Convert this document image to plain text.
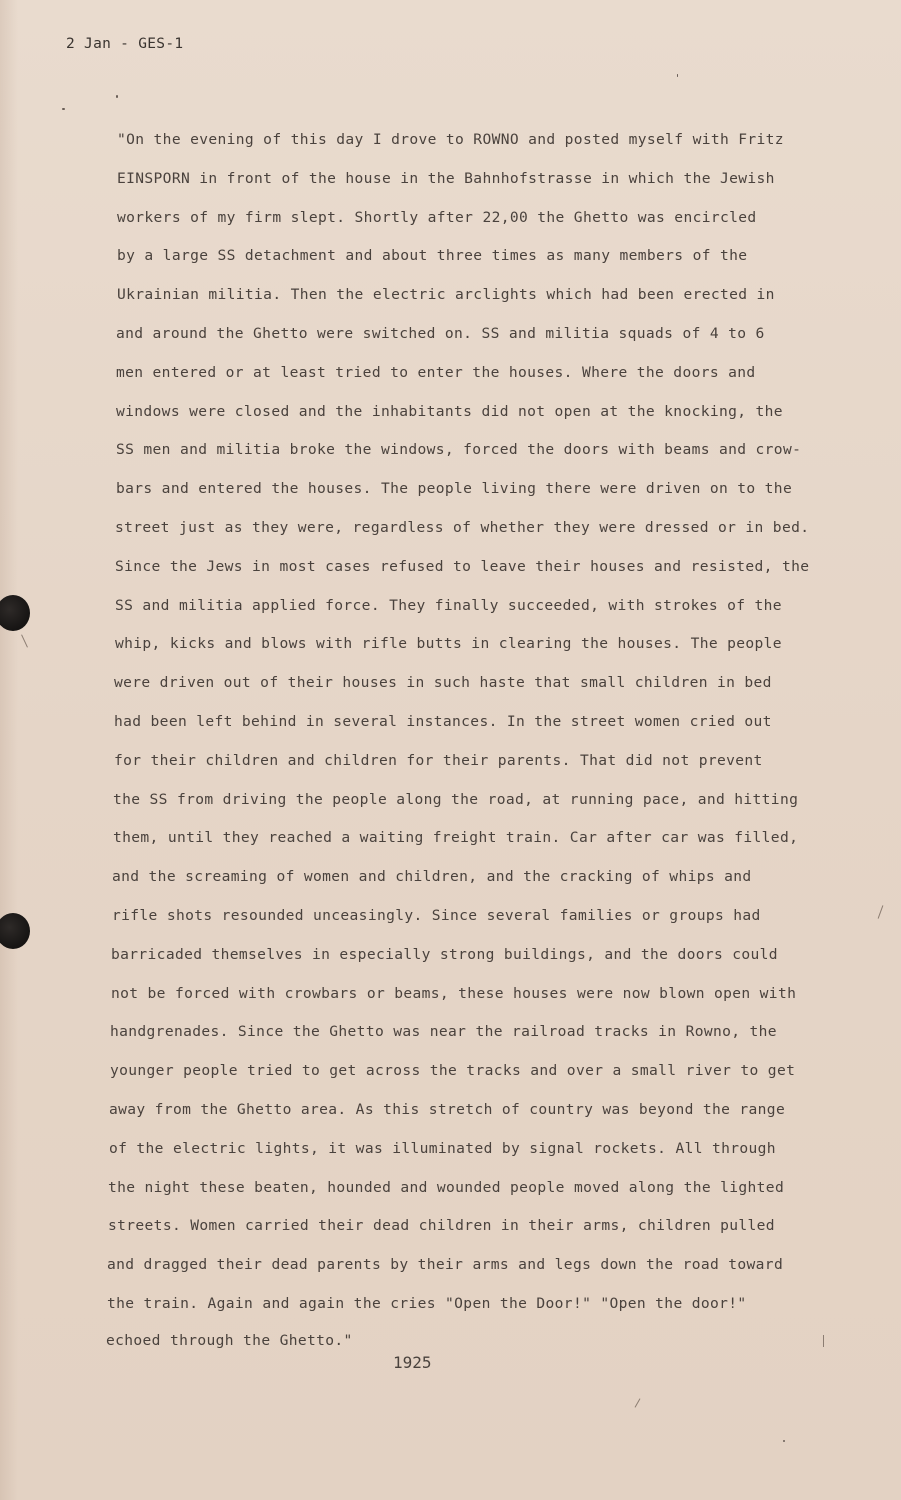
2 Jan - GES-1
"On the evening of this day I drove to ROWNO and posted myself with Fritz
EINSPORN in front of the house in the Bahnhofstrasse in which the Jewish
workers of my firm slept. Shortly after 22,00 the Ghetto was encircled
by a large SS detachment and about three times as many members of the
Ukrainian militia. Then the electric arclights which had been erected in
and around the Ghetto were switched on. SS and militia squads of 4 to 6
men entered or at least tried to enter the houses. Where the doors and
windows were closed and the inhabitants did not open at the knocking, the
SS men and militia broke the windows, forced the doors with beams and crow-
bars and entered the houses. The people living there were driven on to the
street just as they were, regardless of whether they were dressed or in bed.
Since the Jews in most cases refused to leave their houses and resisted, the
SS and militia applied force. They finally succeeded, with strokes of the
whip, kicks and blows with rifle butts in clearing the houses. The people
were driven out of their houses in such haste that small children in bed
had been left behind in several instances. In the street women cried out
for their children and children for their parents. That did not prevent
the SS from driving the people along the road, at running pace, and hitting
them, until they reached a waiting freight train. Car after car was filled,
and the screaming of women and children, and the cracking of whips and
rifle shots resounded unceasingly. Since several families or groups had
barricaded themselves in especially strong buildings, and the doors could
not be forced with crowbars or beams, these houses were now blown open with
handgrenades. Since the Ghetto was near the railroad tracks in Rowno, the
younger people tried to get across the tracks and over a small river to get
away from the Ghetto area. As this stretch of country was beyond the range
of the electric lights, it was illuminated by signal rockets. All through
the night these beaten, hounded and wounded people moved along the lighted
streets. Women carried their dead children in their arms, children pulled
and dragged their dead parents by their arms and legs down the road toward
the train. Again and again the cries "Open the Door!" "Open the door!"
echoed through the Ghetto."
1925
